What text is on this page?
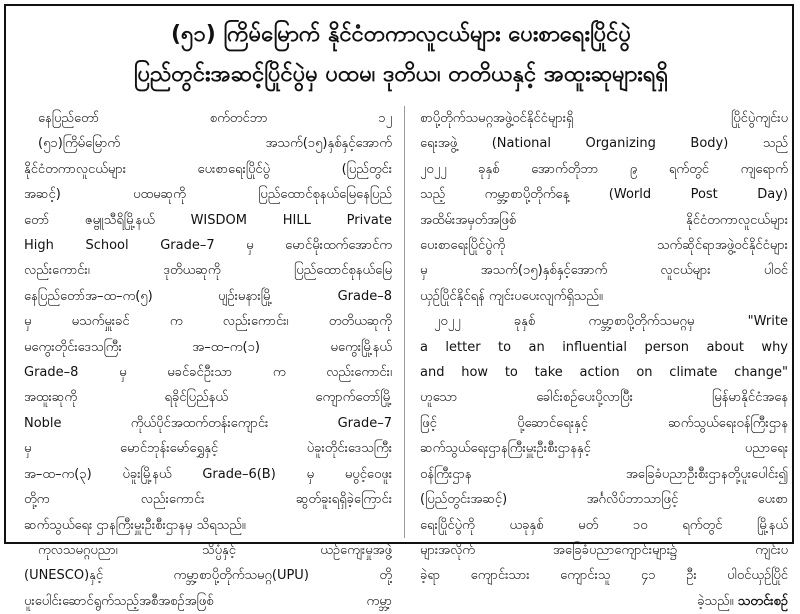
(၅၁) ကြိမ်မြောက် နိုင်ငံတကာလူငယ်များ ပေးစာရေးပြိုင်ပွဲ
ပြည်တွင်းအဆင့်ပြိုင်ပွဲမှ ပထမ၊ ဒုတိယ၊ တတိယနှင့် အထူးဆုများရရှိ
နေပြည်တော် စက်တင်ဘာ ၁၂
(၅၁)ကြိမ်မြောက် အသက်(၁၅)နှစ်နှင့်အောက်
နိုင်ငံတကာလူငယ်များ ပေးစာရေးပြိုင်ပွဲ (ပြည်တွင်း
အဆင့်) ပထမဆုကို ပြည်ထောင်စုနယ်မြေနေပြည်
တော် ဇမ္ဗူသီရိမြို့နယ် WISDOM HILL Private
High School Grade–7 မှ မောင်မိုးထက်အောင်က
လည်းကောင်း၊ ဒုတိယဆုကို ပြည်ထောင်စုနယ်မြေ
နေပြည်တော်အ–ထ–က(၅) ပျဉ်းမနားမြို့ Grade–8
မှ မသက်မှူးခင် က လည်းကောင်း၊ တတိယဆုကို
မကွေးတိုင်းဒေသကြီး အ–ထ–က(၁) မကွေးမြို့နယ်
Grade–8 မှ မခင်ခင်ဦးသာ က လည်းကောင်း၊
အထူးဆုကို ရခိုင်ပြည်နယ် ကျောက်တော်မြို့
Noble ကိုယ်ပိုင်အထက်တန်းကျောင်း Grade–7
မှ မောင်ဘုန်းမော်ရွှေနှင့် ပဲခူးတိုင်းဒေသကြီး
အ–ထ–က(၃) ပဲခူးမြို့နယ် Grade–6(B) မှ မပွင့်ဝေဖူး
တို့က လည်းကောင်း ဆွတ်ခူးရရှိခဲ့ကြောင်း
ဆက်သွယ်ရေး ဌာနကြီးမှူးဦးစီးဌာနမှ သိရသည်။
ကုလသမဂ္ဂပညာ၊ သိပ္ပံနှင့် ယဉ်ကျေးမှုအဖွဲ့
(UNESCO)နှင့် ကမ္ဘာ့စာပို့တိုက်သမဂ္ဂ(UPU) တို့
ပူးပေါင်းဆောင်ရွက်သည့်အစီအစဉ်အဖြစ် ကမ္ဘာ့
စာပို့တိုက်သမဂ္ဂအဖွဲ့ဝင်နိုင်ငံများရှိ ပြိုင်ပွဲကျင်းပ
ရေးအဖွဲ့ (National Organizing Body) သည်
၂၀၂၂ ခုနှစ် အောက်တိုဘာ ၉ ရက်တွင် ကျရောက်
သည့် ကမ္ဘာ့စာပို့တိုက်နေ့ (World Post Day)
အထိမ်းအမှတ်အဖြစ် နိုင်ငံတကာလူငယ်များ
ပေးစာရေးပြိုင်ပွဲကို သက်ဆိုင်ရာအဖွဲ့ဝင်နိုင်ငံများ
မှ အသက်(၁၅)နှစ်နှင့်အောက် လူငယ်များ ပါဝင်
ယှဉ်ပြိုင်နိုင်ရန် ကျင်းပပေးလျက်ရှိသည်။
၂၀၂၂ ခုနှစ် ကမ္ဘာ့စာပို့တိုက်သမဂ္ဂမှ "Write
a letter to an influential person about why
and how to take action on climate change"
ဟူသော ခေါင်းစဉ်ပေးပို့လာပြီး မြန်မာနိုင်ငံအနေ
ဖြင့် ပို့ဆောင်ရေးနှင့် ဆက်သွယ်ရေးဝန်ကြီးဌာန
ဆက်သွယ်ရေးဌာနကြီးမှူးဦးစီးဌာနနှင့် ပညာရေး
ဝန်ကြီးဌာန အခြေခံပညာဦးစီးဌာနတို့ပူးပေါင်း၍
(ပြည်တွင်းအဆင့်) အင်္ဂလိပ်ဘာသာဖြင့် ပေးစာ
ရေးပြိုင်ပွဲကို ယခုနှစ် မတ် ၁၀ ရက်တွင် မြို့နယ်
များအလိုက် အခြေခံပညာကျောင်းများ၌ ကျင်းပ
ခဲ့ရာ ကျောင်းသား ကျောင်းသူ ၄၁ ဦး ပါဝင်ယှဉ်ပြိုင်
ခဲ့သည်။ သတင်းစဉ်
